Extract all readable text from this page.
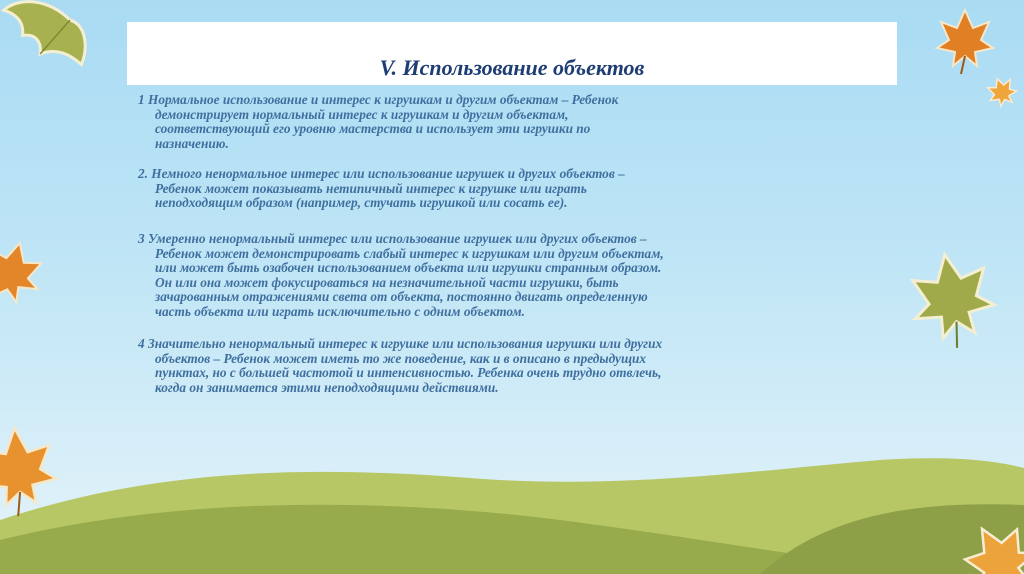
V. Использование объектов

1 Нормальное использование и интерес к игрушкам и другим объектам – Ребенок
демонстрирует нормальный интерес к игрушкам и другим объектам,
соответствующий его уровню мастерства и использует эти игрушки по
назначению.

2. Немного ненормальное интерес или использование игрушек и других объектов –
Ребенок может показывать нетипичный интерес к игрушке или играть
неподходящим образом (например, стучать игрушкой или сосать ее).

3 Умеренно ненормальный интерес или использование игрушек или других объектов –
Ребенок может демонстрировать слабый интерес к игрушкам или другим объектам,
или может быть озабочен использованием объекта или игрушки странным образом.
Он или она может фокусироваться на незначительной части игрушки, быть
зачарованным отражениями света от объекта, постоянно двигать определенную
часть объекта или играть исключительно с одним объектом.

4 Значительно ненормальный интерес к игрушке или использования игрушки или других
объектов – Ребенок может иметь то же поведение, как и в описано в предыдущих
пунктах, но с большей частотой и интенсивностью. Ребенка очень трудно отвлечь,
когда он занимается этими неподходящими действиями.
